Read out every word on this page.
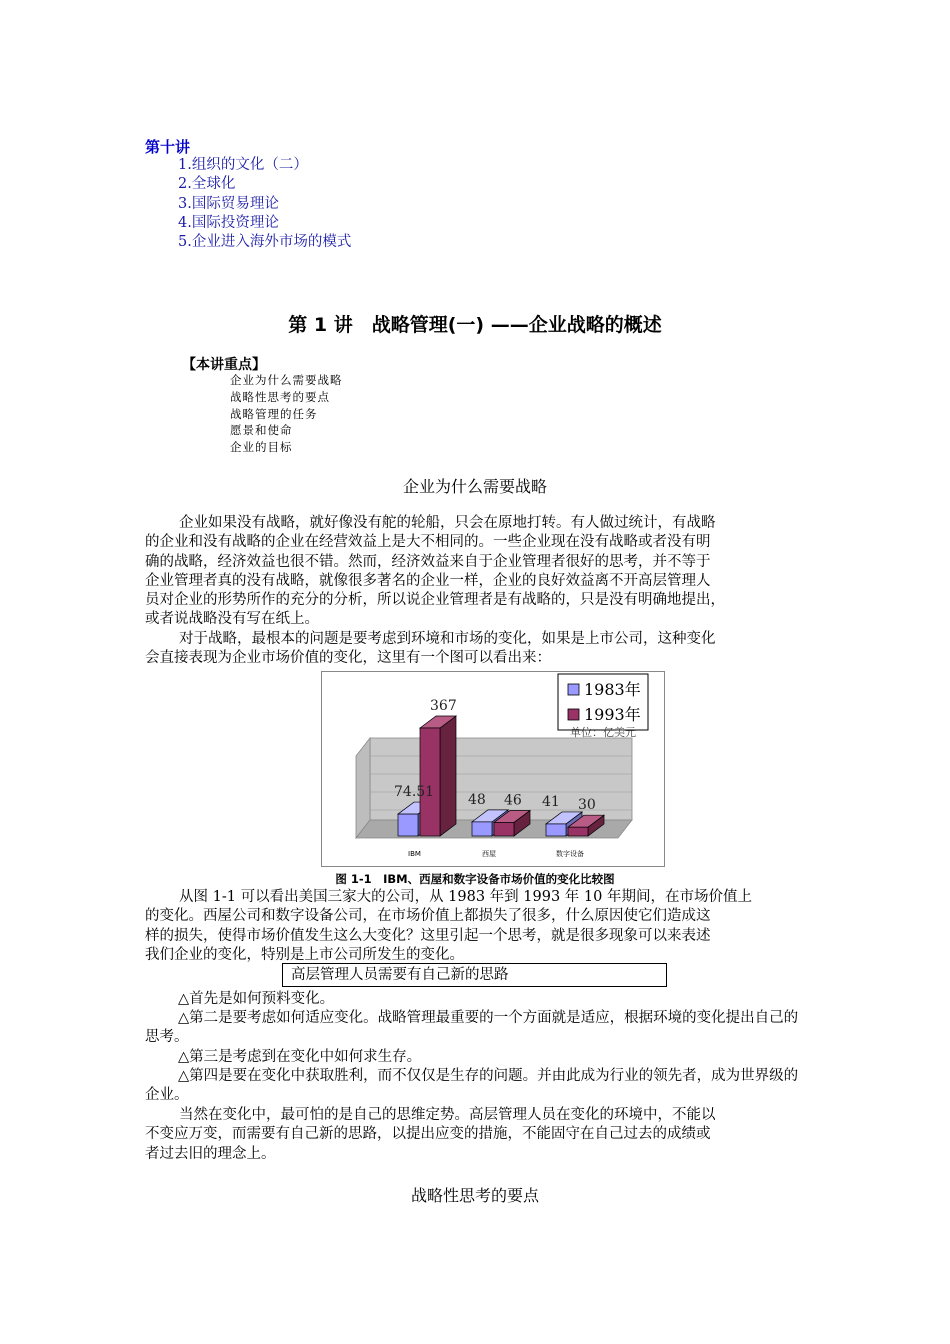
第十讲
1.组织的文化（二）
2.全球化
3.国际贸易理论
4.国际投资理论
5.企业进入海外市场的模式
第 1 讲　战略管理(一) ——企业战略的概述
【本讲重点】
企业为什么需要战略
战略性思考的要点
战略管理的任务
愿景和使命
企业的目标
企业为什么需要战略
企业如果没有战略，就好像没有舵的轮船，只会在原地打转。有人做过统计，有战略
的企业和没有战略的企业在经营效益上是大不相同的。一些企业现在没有战略或者没有明
确的战略，经济效益也很不错。然而，经济效益来自于企业管理者很好的思考，并不等于
企业管理者真的没有战略，就像很多著名的企业一样，企业的良好效益离不开高层管理人
员对企业的形势所作的充分的分析，所以说企业管理者是有战略的，只是没有明确地提出，
或者说战略没有写在纸上。
对于战略，最根本的问题是要考虑到环境和市场的变化，如果是上市公司，这种变化
会直接表现为企业市场价值的变化，这里有一个图可以看出来：
74.51
367
48 46 41 30
IBM	西屋	数字设备
1983年
1993年
单位：亿美元
图 1-1　IBM、西屋和数字设备市场价值的变化比较图
从图 1-1 可以看出美国三家大的公司，从 1983 年到 1993 年 10 年期间，在市场价值上
的变化。西屋公司和数字设备公司，在市场价值上都损失了很多，什么原因使它们造成这
样的损失，使得市场价值发生这么大变化？这里引起一个思考，就是很多现象可以来表述
我们企业的变化，特别是上市公司所发生的变化。
高层管理人员需要有自己新的思路
△首先是如何预料变化。
△第二是要考虑如何适应变化。战略管理最重要的一个方面就是适应，根据环境的变化提出自己的思考。
△第三是考虑到在变化中如何求生存。
△第四是要在变化中获取胜利，而不仅仅是生存的问题。并由此成为行业的领先者，成为世界级的企业。
当然在变化中，最可怕的是自己的思维定势。高层管理人员在变化的环境中，不能以
不变应万变，而需要有自己新的思路，以提出应变的措施，不能固守在自己过去的成绩或
者过去旧的理念上。
战略性思考的要点
